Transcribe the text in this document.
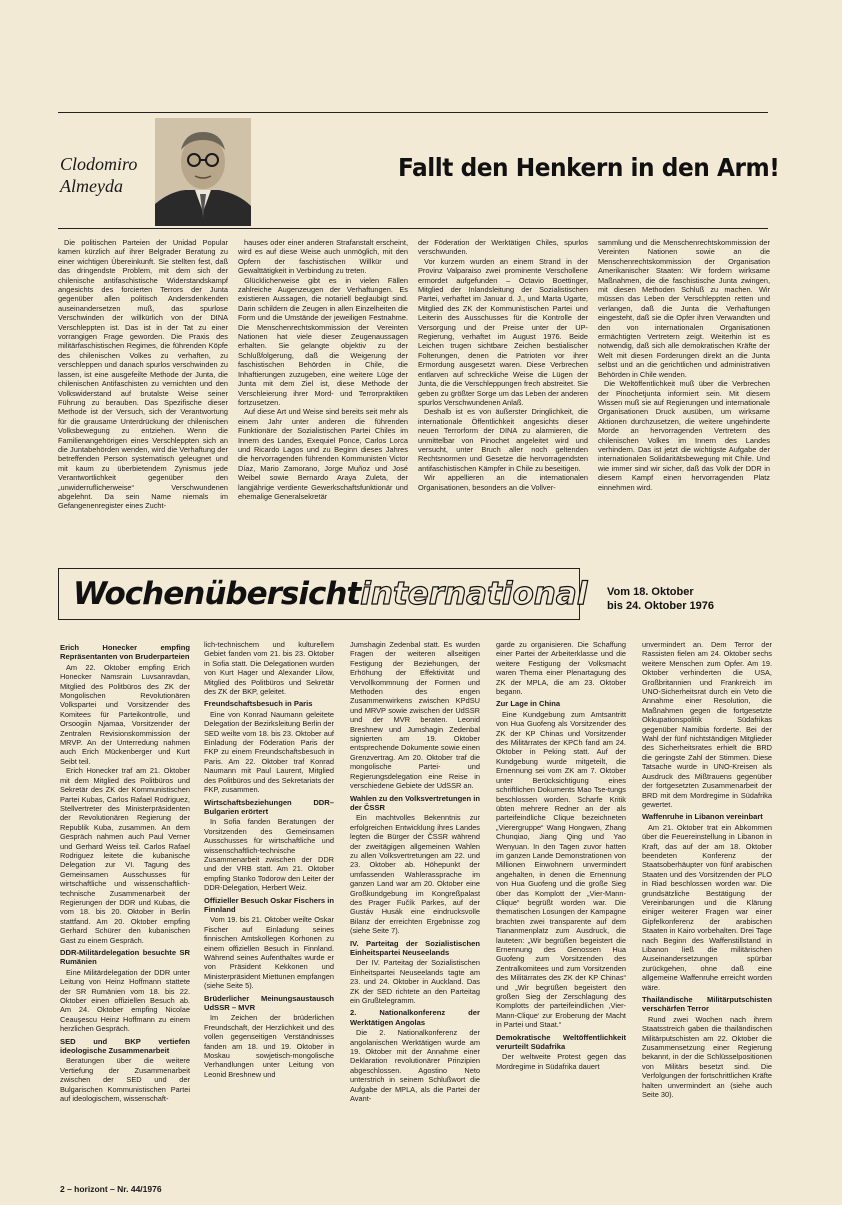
Clodomiro
Almeyda
Fallt den Henkern in den Arm!

Die politischen Parteien der Unidad Popular kamen kürzlich auf ihrer Belgrader Beratung zu einer wichtigen Übereinkunft. Sie stellten fest, daß das dringendste Problem, mit dem sich der chilenische antifaschistische Widerstandskampf angesichts des forcierten Terrors der Junta gegenüber allen politisch Andersdenkenden auseinandersetzen muß, das spurlose Verschwinden der willkürlich von der DINA Verschleppten ist. Das ist in der Tat zu einer vorrangigen Frage geworden. Die Praxis des militärfaschistischen Regimes, die führenden Köpfe des chilenischen Volkes zu verhaften, zu verschleppen und danach spurlos verschwinden zu lassen, ist eine ausgefeilte Methode der Junta, die chilenischen Antifaschisten zu vernichten und den Volkswiderstand auf brutalste Weise seiner Führung zu berauben. Das Spezifische dieser Methode ist der Versuch, sich der Verantwortung für die grausame Unterdrückung der chilenischen Volksbewegung zu entziehen. Wenn die Familienangehörigen eines Verschleppten sich an die Juntabehörden wenden, wird die Verhaftung der betreffenden Person systematisch geleugnet und mit kaum zu überbietendem Zynismus jede Verantwortlichkeit gegenüber den „unwiderruflicherweise“ Verschwundenen abgelehnt. Da sein Name niemals im Gefangenenregister eines Zucht-

hauses oder einer anderen Strafanstalt erscheint, wird es auf diese Weise auch unmöglich, mit den Opfern der faschistischen Willkür und Gewalttätigkeit in Verbindung zu treten.

Glücklicherweise gibt es in vielen Fällen zahlreiche Augenzeugen der Verhaftungen. Es existieren Aussagen, die notariell beglaubigt sind. Darin schildern die Zeugen in allen Einzelheiten die Form und die Umstände der jeweiligen Festnahme. Die Menschenrechtskommission der Vereinten Nationen hat viele dieser Zeugenaussagen erhalten. Sie gelangte objektiv zu der Schlußfolgerung, daß die Weigerung der faschistischen Behörden in Chile, die Inhaftierungen zuzugeben, eine weitere Lüge der Junta mit dem Ziel ist, diese Methode der Verschleierung ihrer Mord- und Terrorpraktiken fortzusetzen.

Auf diese Art und Weise sind bereits seit mehr als einem Jahr unter anderen die führenden Funktionäre der Sozialistischen Partei Chiles im Innern des Landes, Exequiel Ponce, Carlos Lorca und Ricardo Lagos und zu Beginn dieses Jahres die hervorragenden führenden Kommunisten Victor Díaz, Mario Zamorano, Jorge Muñoz und José Weibel sowie Bernardo Araya Zuleta, der langjährige verdiente Gewerkschaftsfunktionär und ehemalige Generalsekretär

der Föderation der Werktätigen Chiles, spurlos verschwunden.

Vor kurzem wurden an einem Strand in der Provinz Valparaiso zwei prominente Verschollene ermordet aufgefunden – Octavio Boettinger, Mitglied der Inlandsleitung der Sozialistischen Partei, verhaftet im Januar d. J., und Marta Ugarte, Mitglied des ZK der Kommunistischen Partei und Leiterin des Ausschusses für die Kontrolle der Versorgung und der Preise unter der UP-Regierung, verhaftet im August 1976. Beide Leichen trugen sichtbare Zeichen bestialischer Folterungen, denen die Patrioten vor ihrer Ermordung ausgesetzt waren. Diese Verbrechen entlarven auf schreckliche Weise die Lügen der Junta, die die Verschleppungen frech abstreitet. Sie geben zu größter Sorge um das Leben der anderen spurlos Verschwundenen Anlaß.

Deshalb ist es von äußerster Dringlichkeit, die internationale Öffentlichkeit angesichts dieser neuen Terrorform der DINA zu alarmieren, die unmittelbar von Pinochet angeleitet wird und versucht, unter Bruch aller noch geltenden Rechtsnormen und Gesetze die hervorragendsten antifaschistischen Kämpfer in Chile zu beseitigen.

Wir appellieren an die internationalen Organisationen, besonders an die Vollver-

sammlung und die Menschenrechtskommission der Vereinten Nationen sowie an die Menschenrechtskommission der Organisation Amerikanischer Staaten: Wir fordern wirksame Maßnahmen, die die faschistische Junta zwingen, mit diesen Methoden Schluß zu machen. Wir müssen das Leben der Verschleppten retten und verlangen, daß die Junta die Verhaftungen eingesteht, daß sie die Opfer ihren Verwandten und den von internationalen Organisationen ermächtigten Vertretern zeigt. Weiterhin ist es notwendig, daß sich alle demokratischen Kräfte der Welt mit diesen Forderungen direkt an die Junta selbst und an die gerichtlichen und administrativen Behörden in Chile wenden.

Die Weltöffentlichkeit muß über die Verbrechen der Pinochetjunta informiert sein. Mit diesem Wissen muß sie auf Regierungen und internationale Organisationen Druck ausüben, um wirksame Aktionen durchzusetzen, die weitere ungehinderte Morde an hervorragenden Vertretern des chilenischen Volkes im Innern des Landes verhindern. Das ist jetzt die wichtigste Aufgabe der internationalen Solidaritätsbewegung mit Chile. Und wie immer sind wir sicher, daß das Volk der DDR in diesem Kampf einen hervorragenden Platz einnehmen wird.

Wochenübersichtinternational Vom 18. Oktober
bis 24. Oktober 1976
Erich Honecker empfing Repräsentanten von Bruderparteien

Am 22. Oktober empfing Erich Honecker Namsrain Luvsanravdan, Mitglied des Politbüros des ZK der Mongolischen Revolutionären Volkspartei und Vorsitzender des Komitees für Parteikontrolle, und Orsoogiin Njamaa, Vorsitzender der Zentralen Revisionskommission der MRVP. An der Unterredung nahmen auch Erich Mückenberger und Kurt Seibt teil.

Erich Honecker traf am 21. Oktober mit dem Mitglied des Politbüros und Sekretär des ZK der Kommunistischen Partei Kubas, Carlos Rafael Rodriguez, Stellvertreter des Ministerpräsidenten der Revolutionären Regierung der Republik Kuba, zusammen. An dem Gespräch nahmen auch Paul Verner und Gerhard Weiss teil. Carlos Rafael Rodriguez leitete die kubanische Delegation zur VI. Tagung des Gemeinsamen Ausschusses für wirtschaftliche und wissenschaftlich-technische Zusammenarbeit der Regierungen der DDR und Kubas, die vom 18. bis 20. Oktober in Berlin stattfand. Am 20. Oktober empfing Gerhard Schürer den kubanischen Gast zu einem Gespräch.

DDR-Militärdelegation besuchte SR Rumänien

Eine Militärdelegation der DDR unter Leitung von Heinz Hoffmann stattete der SR Rumänien vom 18. bis 22. Oktober einen offiziellen Besuch ab. Am 24. Oktober empfing Nicolae Ceauşescu Heinz Hoffmann zu einem herzlichen Gespräch.

SED und BKP vertiefen ideologische Zusammenarbeit

Beratungen über die weitere Vertiefung der Zusammenarbeit zwischen der SED und der Bulgarischen Kommunistischen Partei auf ideologischem, wissenschaft-

lich-technischem und kulturellem Gebiet fanden vom 21. bis 23. Oktober in Sofia statt. Die Delegationen wurden von Kurt Hager und Alexander Lilow, Mitglied des Politbüros und Sekretär des ZK der BKP, geleitet.

Freundschaftsbesuch in Paris

Eine von Konrad Naumann geleitete Delegation der Bezirksleitung Berlin der SED weilte vom 18. bis 23. Oktober auf Einladung der Föderation Paris der FKP zu einem Freundschaftsbesuch in Paris. Am 22. Oktober traf Konrad Naumann mit Paul Laurent, Mitglied des Politbüros und des Sekretariats der FKP, zusammen.

Wirtschaftsbeziehungen DDR–Bulgarien erörtert

In Sofia fanden Beratungen der Vorsitzenden des Gemeinsamen Ausschusses für wirtschaftliche und wissenschaftlich-technische Zusammenarbeit zwischen der DDR und der VRB statt. Am 21. Oktober empfing Stanko Todorow den Leiter der DDR-Delegation, Herbert Weiz.

Offizieller Besuch Oskar Fischers in Finnland

Vom 19. bis 21. Oktober weilte Oskar Fischer auf Einladung seines finnischen Amtskollegen Korhonen zu einem offiziellen Besuch in Finnland. Während seines Aufenthaltes wurde er von Präsident Kekkonen und Ministerpräsident Miettunen empfangen (siehe Seite 5).

Brüderlicher Meinungsaustausch UdSSR – MVR

Im Zeichen der brüderlichen Freundschaft, der Herzlichkeit und des vollen gegenseitigen Verständnisses fanden am 18. und 19. Oktober in Moskau sowjetisch-mongolische Verhandlungen unter Leitung von Leonid Breshnew und

Jumshagin Zedenbal statt. Es wurden Fragen der weiteren allseitigen Festigung der Beziehungen, der Erhöhung der Effektivität und Vervollkommnung der Formen und Methoden des engen Zusammenwirkens zwischen KPdSU und MRVP sowie zwischen der UdSSR und der MVR beraten. Leonid Breshnew und Jumshagin Zedenbal signierten am 19. Oktober entsprechende Dokumente sowie einen Grenzvertrag. Am 20. Oktober traf die mongolische Partei- und Regierungsdelegation eine Reise in verschiedene Gebiete der UdSSR an.

Wahlen zu den Volksvertretungen in der ČSSR

Ein machtvolles Bekenntnis zur erfolgreichen Entwicklung ihres Landes legten die Bürger der ČSSR während der zweitägigen allgemeinen Wahlen zu allen Volksvertretungen am 22. und 23. Oktober ab. Höhepunkt der umfassenden Wahlerassprache im ganzen Land war am 20. Oktober eine Großkundgebung im Kongreßpalast des Prager Fučík Parkes, auf der Gustáv Husák eine eindrucksvolle Bilanz der erreichten Ergebnisse zog (siehe Seite 7).

IV. Parteitag der Sozialistischen Einheitspartei Neuseelands

Der IV. Parteitag der Sozialistischen Einheitspartei Neuseelands tagte am 23. und 24. Oktober in Auckland. Das ZK der SED richtete an den Parteitag ein Grußtelegramm.

2. Nationalkonferenz der Werktätigen Angolas

Die 2. Nationalkonferenz der angolanischen Werktätigen wurde am 19. Oktober mit der Annahme einer Deklaration revolutionärer Prinzipien abgeschlossen. Agostino Neto unterstrich in seinem Schlußwort die Aufgabe der MPLA, als die Partei der Avant-

garde zu organisieren. Die Schaffung einer Partei der Arbeiterklasse und die weitere Festigung der Volksmacht waren Thema einer Plenartagung des ZK der MPLA, die am 23. Oktober begann.

Zur Lage in China

Eine Kundgebung zum Amtsantritt von Hua Guofeng als Vorsitzender des ZK der KP Chinas und Vorsitzender des Militärrates der KPCh fand am 24. Oktober in Peking statt. Auf der Kundgebung wurde mitgeteilt, die Ernennung sei vom ZK am 7. Oktober unter Berücksichtigung eines schriftlichen Dokuments Mao Tse-tungs beschlossen worden. Scharfe Kritik übten mehrere Redner an der als parteifeindliche Clique bezeichneten „Vierergruppe“ Wang Hongwen, Zhang Chunqiao, Jiang Qing und Yao Wenyuan. In den Tagen zuvor hatten im ganzen Lande Demonstrationen von Millionen Einwohnern unvermindert angehalten, in denen die Ernennung von Hua Guofeng und die große Sieg über das Komplott der „Vier-Mann-Clique“ begrüßt worden war. Die thematischen Losungen der Kampagne brachten zwei transparente auf dem Tiananmenplatz zum Ausdruck, die lauteten: „Wir begrüßen begeistert die Ernennung des Genossen Hua Guofeng zum Vorsitzenden des Zentralkomitees und zum Vorsitzenden des Militärrates des ZK der KP Chinas“ und „Wir begrüßen begeistert den großen Sieg der Zerschlagung des Komplotts der parteifeindlichen ‚Vier-Mann-Clique‘ zur Eroberung der Macht in Partei und Staat.“

Demokratische Weltöffentlichkeit verurteilt Südafrika

Der weltweite Protest gegen das Mordregime in Südafrika dauert

unvermindert an. Dem Terror der Rassisten fielen am 24. Oktober sechs weitere Menschen zum Opfer. Am 19. Oktober verhinderten die USA, Großbritannien und Frankreich im UNO-Sicherheitsrat durch ein Veto die Annahme einer Resolution, die Maßnahmen gegen die fortgesetzte Okkupationspolitik Südafrikas gegenüber Namibia forderte. Bei der Wahl der fünf nichtständigen Mitglieder des Sicherheitsrates erhielt die BRD die geringste Zahl der Stimmen. Diese Tatsache wurde in UNO-Kreisen als Ausdruck des Mißtrauens gegenüber der fortgesetzten Zusammenarbeit der BRD mit dem Mordregime in Südafrika gewertet.

Waffenruhe in Libanon vereinbart

Am 21. Oktober trat ein Abkommen über die Feuereinstellung in Libanon in Kraft, das auf der am 18. Oktober beendeten Konferenz der Staatsoberhäupter von fünf arabischen Staaten und des Vorsitzenden der PLO in Riad beschlossen worden war. Die grundsätzliche Bestätigung der Vereinbarungen und die Klärung einiger weiterer Fragen war einer Gipfelkonferenz der arabischen Staaten in Kairo vorbehalten. Drei Tage nach Beginn des Waffenstillstand in Libanon ließ die militärischen Auseinandersetzungen spürbar zurückgehen, ohne daß eine allgemeine Waffenruhe erreicht worden wäre.

Thailändische Militärputschisten verschärfen Terror

Rund zwei Wochen nach ihrem Staatsstreich gaben die thailändischen Militärputschisten am 22. Oktober die Zusammensetzung einer Regierung bekannt, in der die Schlüsselpositionen von Militärs besetzt sind. Die Verfolgungen der fortschrittlichen Kräfte halten unvermindert an (siehe auch Seite 30).

2 – horizont – Nr. 44/1976
